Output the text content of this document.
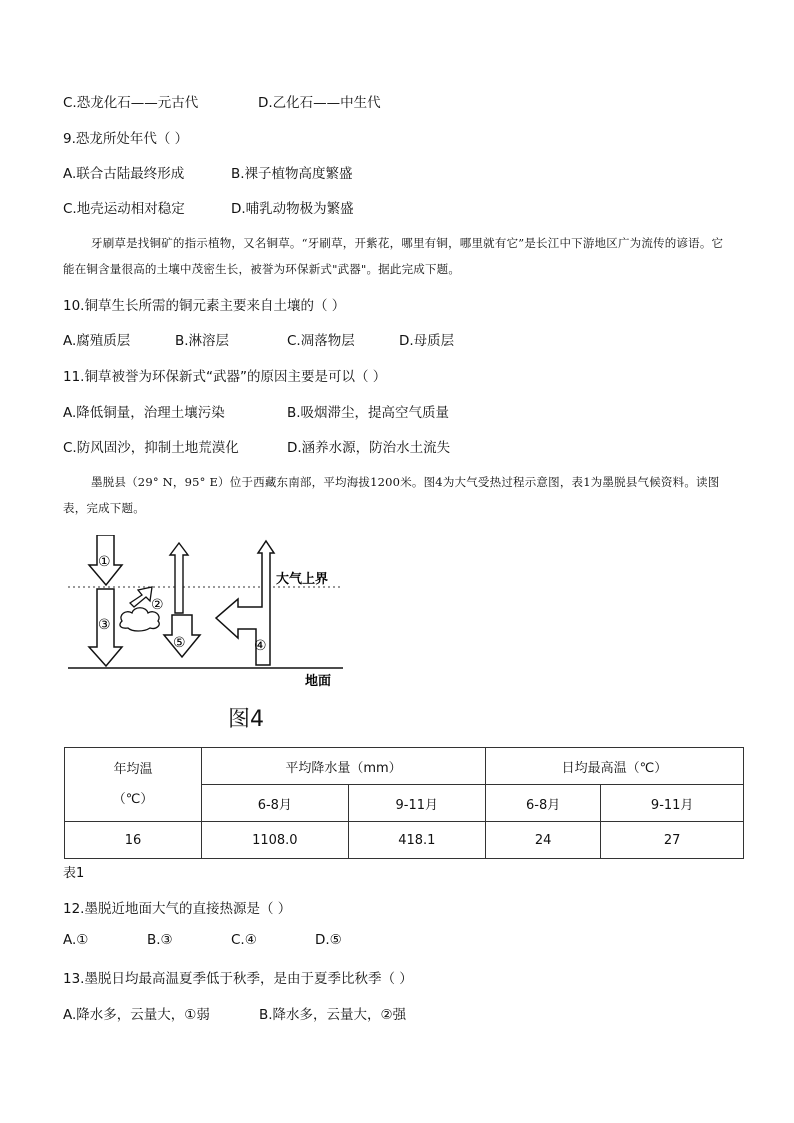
C.恐龙化石——元古代	D.乙化石——中生代
9.恐龙所处年代（ ）
A.联合古陆最终形成	B.裸子植物高度繁盛
C.地壳运动相对稳定	D.哺乳动物极为繁盛
牙刷草是找铜矿的指示植物，又名铜草。“牙刷草，开紫花，哪里有铜，哪里就有它”是长江中下游地区广为流传的谚语。它能在铜含量很高的土壤中茂密生长，被誉为环保新式"武器"。据此完成下题。
10.铜草生长所需的铜元素主要来自土壤的（ ）
A.腐殖质层	B.淋溶层	C.凋落物层	D.母质层
11.铜草被誉为环保新式“武器”的原因主要是可以（ ）
A.降低铜量，治理土壤污染	B.吸烟滞尘，提高空气质量
C.防风固沙，抑制土地荒漠化	D.涵养水源，防治水土流失
墨脱县（29° N，95° E）位于西藏东南部，平均海拔1200米。图4为大气受热过程示意图，表1为墨脱县气候资料。读图表，完成下题。
①
②
③
④
⑤
大气上界
地面
图4
年均温
（℃）	平均降水量（mm）		日均最高温（℃）	
	6-8月	9-11月	6-8月	9-11月
16	1108.0	418.1	24	27
表1
12.墨脱近地面大气的直接热源是（ ）
A.①	B.③	C.④	D.⑤
13.墨脱日均最高温夏季低于秋季，是由于夏季比秋季（ ）
A.降水多，云量大，①弱	B.降水多，云量大，②强
